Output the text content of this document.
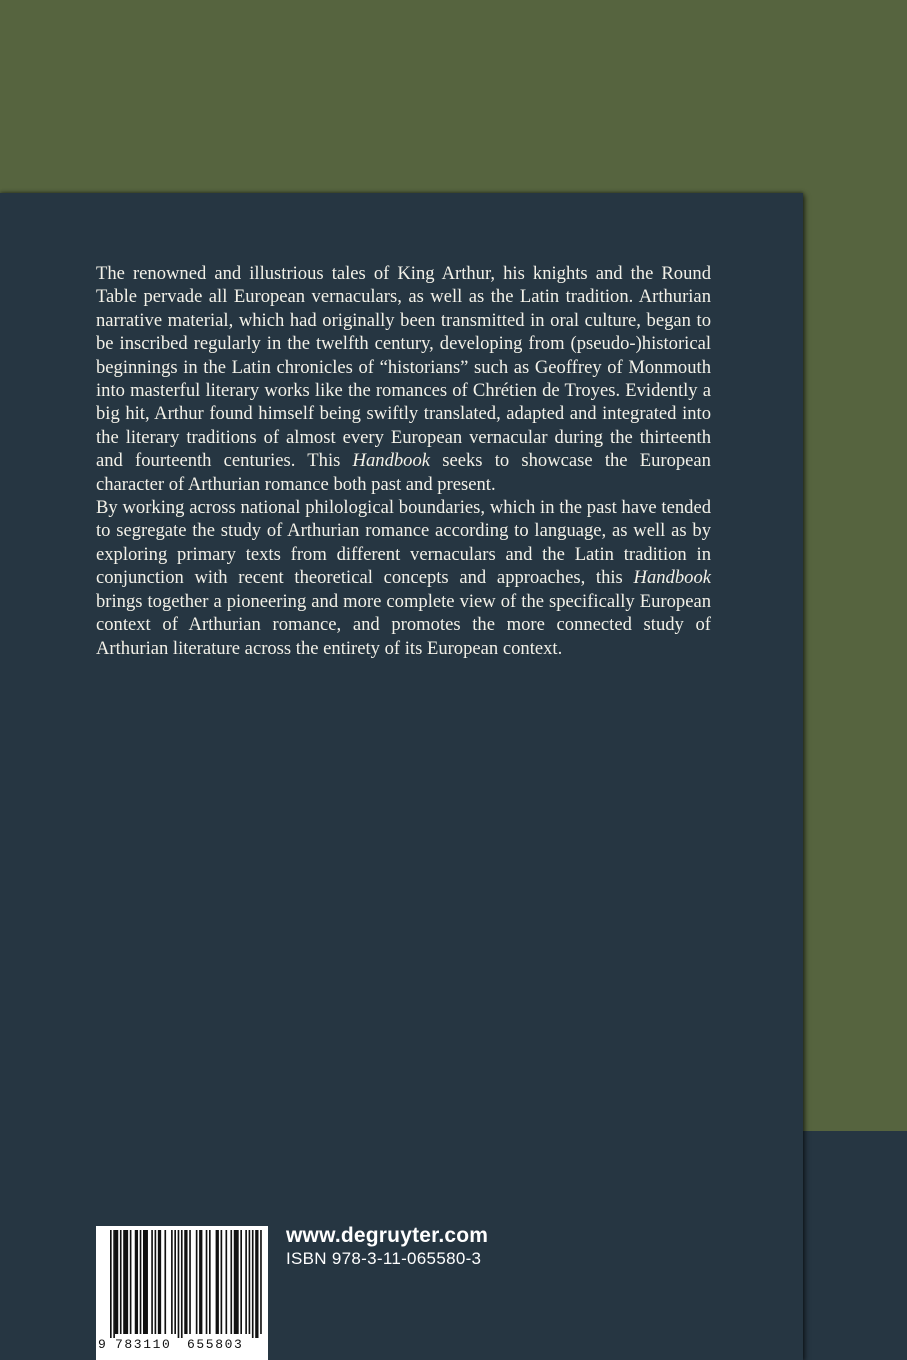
The renowned and illustrious tales of King Arthur, his knights and the Round Table pervade all European vernaculars, as well as the Latin tradition. Arthurian narrative material, which had originally been transmitted in oral culture, began to be inscribed regularly in the twelfth century, developing from (pseudo-)historical beginnings in the Latin chronicles of “historians” such as Geoffrey of Monmouth into masterful literary works like the romances of Chrétien de Troyes. Evidently a big hit, Arthur found himself being swiftly translated, adapted and integrated into the literary traditions of almost every European vernacular during the thirteenth and fourteenth centuries. This Handbook seeks to showcase the European character of Arthurian romance both past and present.

By working across national philological boundaries, which in the past have tended to segregate the study of Arthurian romance according to language, as well as by exploring primary texts from different vernaculars and the Latin tradition in conjunction with recent theoretical concepts and approaches, this Handbook brings together a pioneering and more complete view of the specifically European context of Arthurian romance, and promotes the more connected study of Arthurian literature across the entirety of its European context.

9 783110 655803
www.degruyter.com
ISBN 978-3-11-065580-3
